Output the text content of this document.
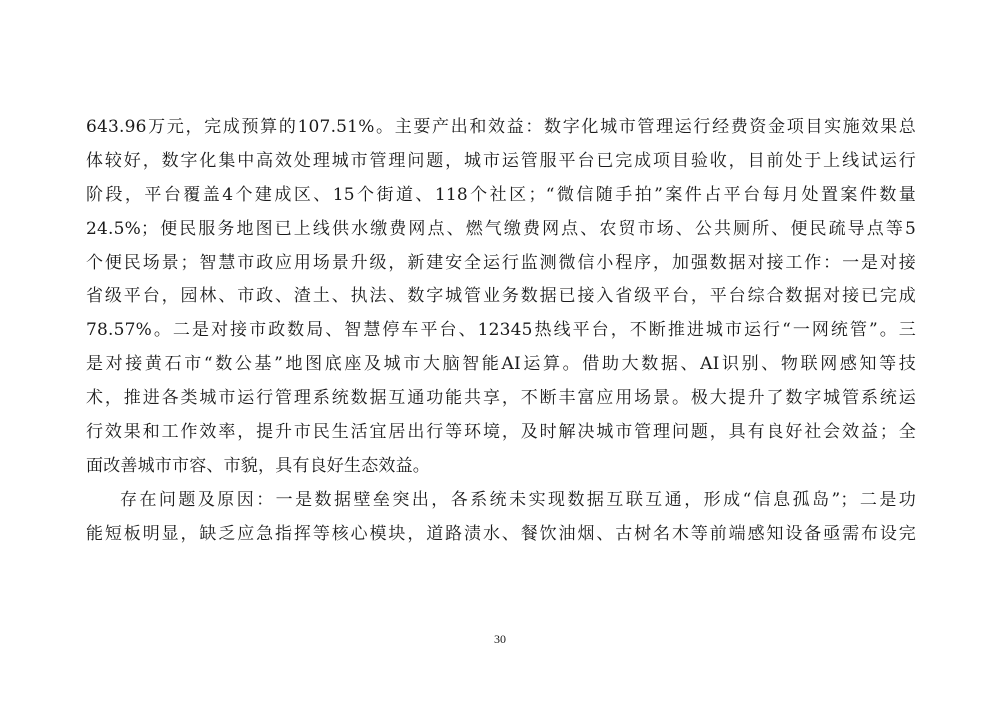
643.96万元，完成预算的107.51%。主要产出和效益：数字化城市管理运行经费资金项目实施效果总
体较好，数字化集中高效处理城市管理问题，城市运管服平台已完成项目验收，目前处于上线试运行
阶段，平台覆盖4个建成区、15个街道、118个社区；“微信随手拍”案件占平台每月处置案件数量
24.5%；便民服务地图已上线供水缴费网点、燃气缴费网点、农贸市场、公共厕所、便民疏导点等5
个便民场景；智慧市政应用场景升级，新建安全运行监测微信小程序，加强数据对接工作：一是对接
省级平台，园林、市政、渣土、执法、数字城管业务数据已接入省级平台，平台综合数据对接已完成
78.57%。二是对接市政数局、智慧停车平台、12345热线平台，不断推进城市运行“一网统管”。三
是对接黄石市“数公基”地图底座及城市大脑智能AI运算。借助大数据、AI识别、物联网感知等技
术，推进各类城市运行管理系统数据互通功能共享，不断丰富应用场景。极大提升了数字城管系统运
行效果和工作效率，提升市民生活宜居出行等环境，及时解决城市管理问题，具有良好社会效益；全
面改善城市市容、市貌，具有良好生态效益。
存在问题及原因：一是数据壁垒突出，各系统未实现数据互联互通，形成“信息孤岛”；二是功
能短板明显，缺乏应急指挥等核心模块，道路渍水、餐饮油烟、古树名木等前端感知设备亟需布设完
30
